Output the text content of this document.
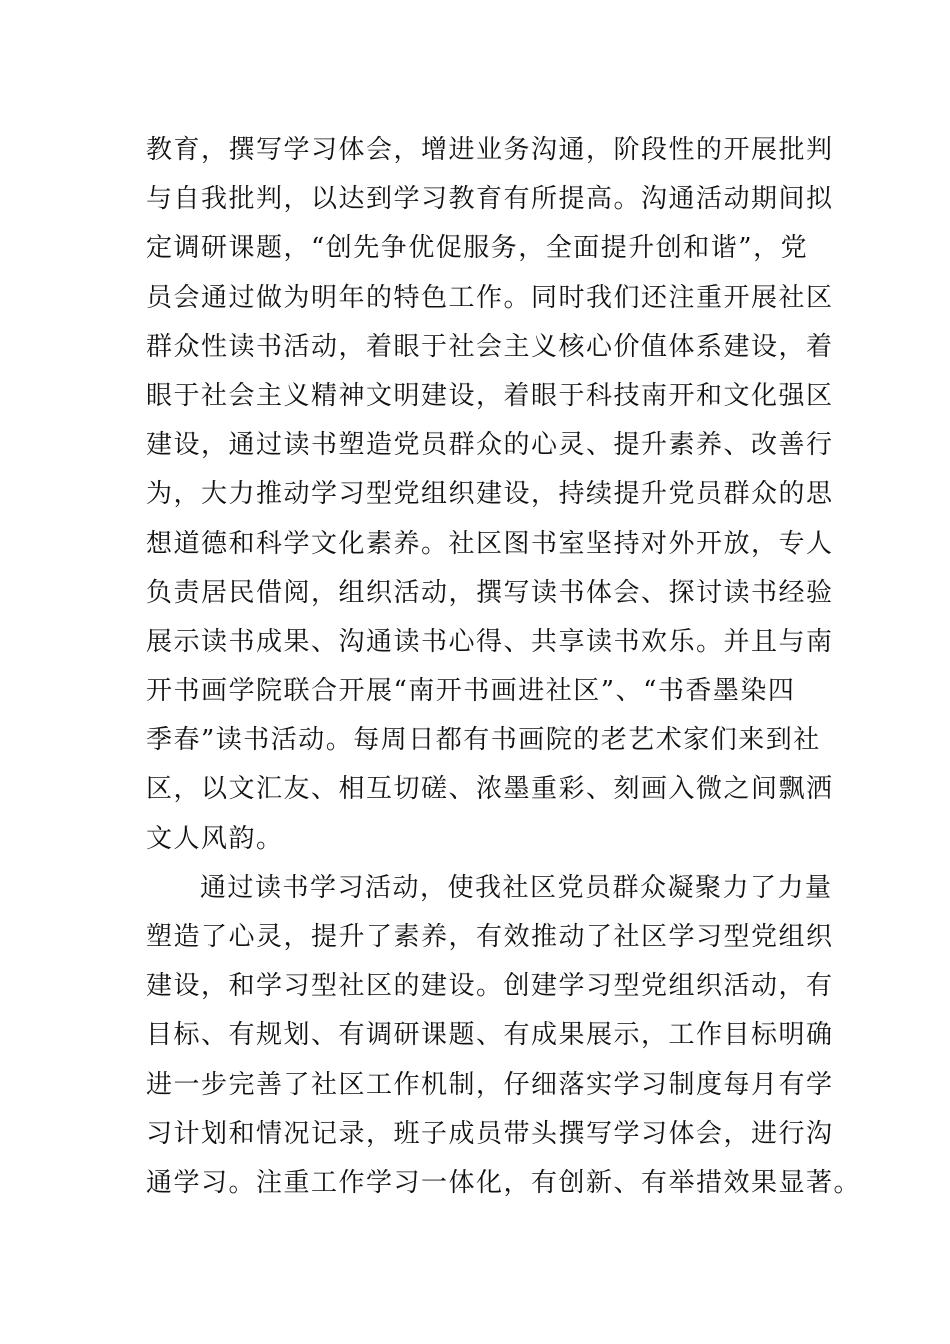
教育，撰写学习体会，增进业务沟通，阶段性的开展批判
与自我批判，以达到学习教育有所提高。沟通活动期间拟
定调研课题，“创先争优促服务，全面提升创和谐”，党
员会通过做为明年的特色工作。同时我们还注重开展社区
群众性读书活动，着眼于社会主义核心价值体系建设，着
眼于社会主义精神文明建设，着眼于科技南开和文化强区
建设，通过读书塑造党员群众的心灵、提升素养、改善行
为，大力推动学习型党组织建设，持续提升党员群众的思
想道德和科学文化素养。社区图书室坚持对外开放，专人
负责居民借阅，组织活动，撰写读书体会、探讨读书经验
展示读书成果、沟通读书心得、共享读书欢乐。并且与南
开书画学院联合开展“南开书画进社区”、“书香墨染四
季春”读书活动。每周日都有书画院的老艺术家们来到社
区，以文汇友、相互切磋、浓墨重彩、刻画入微之间飘洒
文人风韵。
通过读书学习活动，使我社区党员群众凝聚力了力量
塑造了心灵，提升了素养，有效推动了社区学习型党组织
建设，和学习型社区的建设。创建学习型党组织活动，有
目标、有规划、有调研课题、有成果展示，工作目标明确
进一步完善了社区工作机制，仔细落实学习制度每月有学
习计划和情况记录，班子成员带头撰写学习体会，进行沟
通学习。注重工作学习一体化，有创新、有举措效果显著。
